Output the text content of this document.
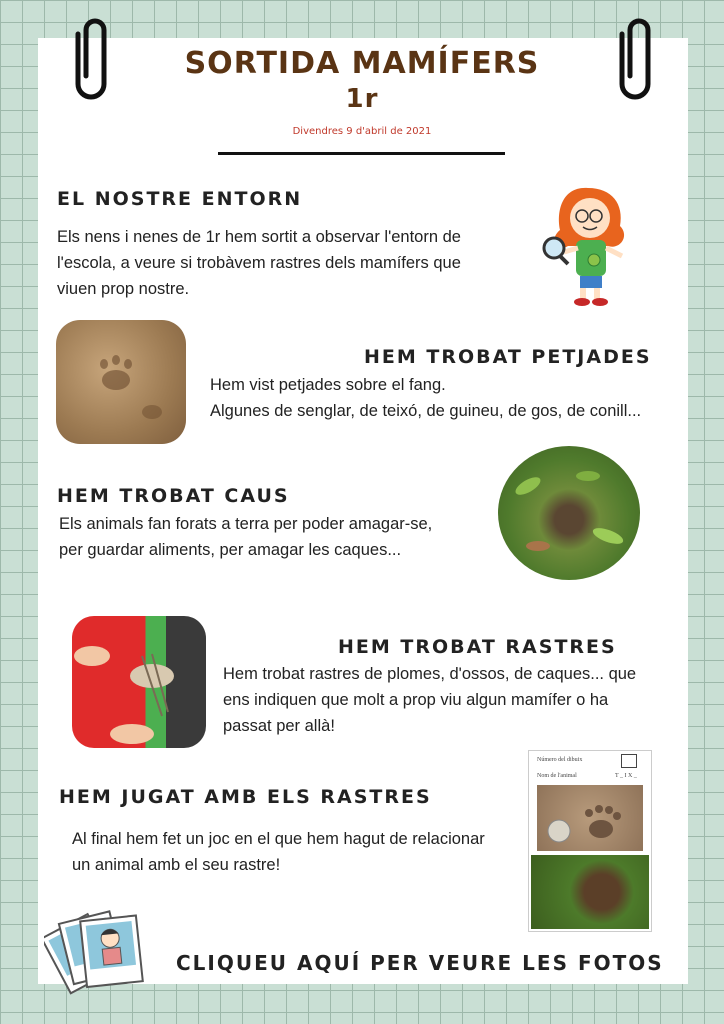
SORTIDA MAMÍFERS
1r
Divendres 9 d'abril de 2021
EL NOSTRE ENTORN
Els nens i nenes de 1r hem sortit a observar l'entorn de
l'escola, a veure si trobàvem rastres dels mamífers que
viuen prop nostre.
HEM TROBAT PETJADES
Hem vist petjades sobre el fang.
Algunes de senglar, de teixó, de guineu, de gos, de conill...
HEM TROBAT CAUS
Els animals fan forats a terra per poder amagar-se,
per guardar aliments, per amagar les caques...
HEM TROBAT RASTRES
Hem trobat rastres de plomes, d'ossos, de caques... que
ens indiquen que molt a prop viu algun mamífer o ha
passat per allà!
HEM JUGAT AMB ELS RASTRES
Al final hem fet un joc en el que hem hagut de relacionar
un animal amb el seu rastre!
Número del dibuix
Nom de l'animal	T _ I X _
CLIQUEU AQUÍ PER VEURE LES FOTOS
